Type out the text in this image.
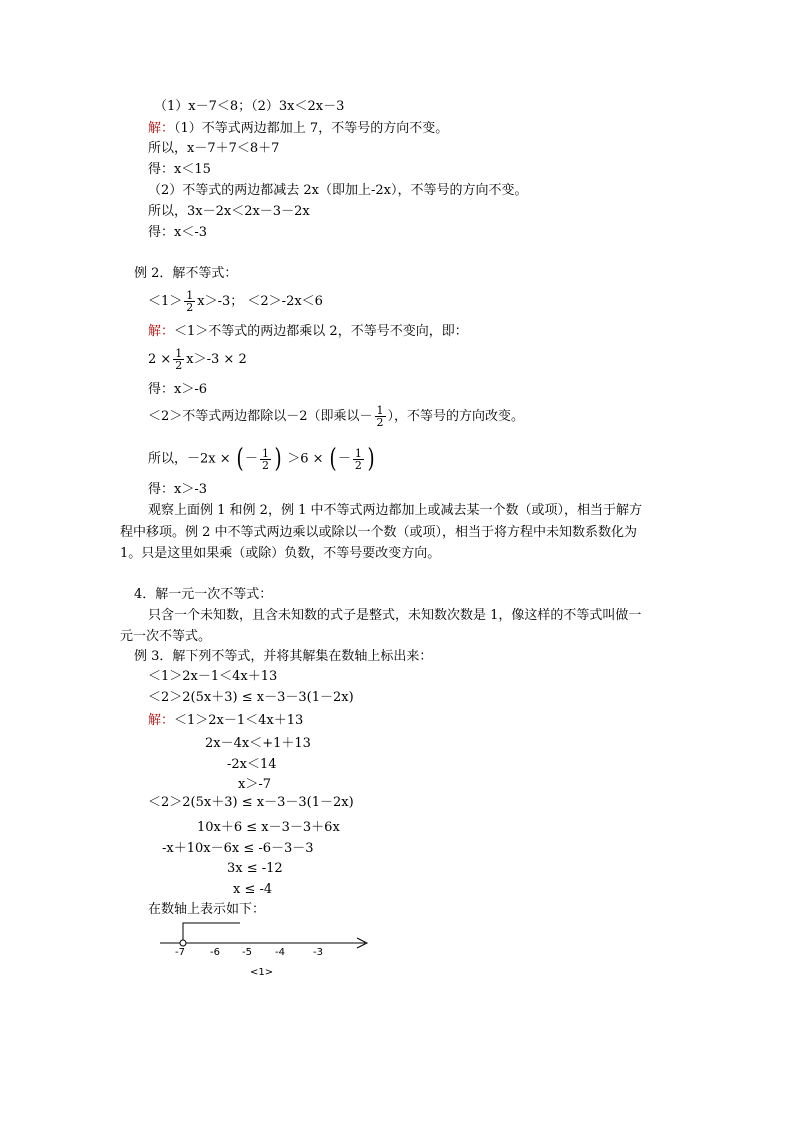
（1）x－7＜8；（2）3x＜2x－3
解：（1）不等式两边都加上 7，不等号的方向不变。
所以，x－7＋7＜8＋7
得：x＜15
（2）不等式的两边都减去 2x（即加上-2x），不等号的方向不变。
所以，3x－2x＜2x－3－2x
得：x＜-3
例 2．解不等式：
$<1> \frac{1}{2} x>-3$； ＜2＞-2x＜6
解：＜1＞不等式的两边都乘以 2，不等号不变向，即：
$2 \times \frac{1}{2} x>-3 \times 2$
得：x＞-6
＜2＞不等式两边都除以－2（即乘以－ $\frac{1}{2}$ ），不等号的方向改变。
所以，－2x × ( － $\frac{1}{2}$ ) ＞6 × ( － $\frac{1}{2}$ )
得：x＞-3
观察上面例 1 和例 2，例 1 中不等式两边都加上或减去某一个数（或项），相当于解方
程中移项。例 2 中不等式两边乘以或除以一个数（或项），相当于将方程中未知数系数化为
1。只是这里如果乘（或除）负数，不等号要改变方向。
4．解一元一次不等式：
只含一个未知数，且含未知数的式子是整式，未知数次数是 1，像这样的不等式叫做一
元一次不等式。
例 3．解下列不等式，并将其解集在数轴上标出来：
＜1＞2x－1＜4x＋13
＜2＞2(5x＋3) ≤ x－3－3(1－2x)
解：＜1＞2x－1＜4x＋13
2x－4x＜+1＋13
-2x＜14
x＞-7
＜2＞2(5x＋3) ≤ x－3－3(1－2x)
10x＋6 ≤ x－3－3＋6x
-x＋10x－6x ≤ -6－3－3
3x ≤ -12
x ≤ -4
在数轴上表示如下：
-7	-6 -5 -4	-3
<1>
